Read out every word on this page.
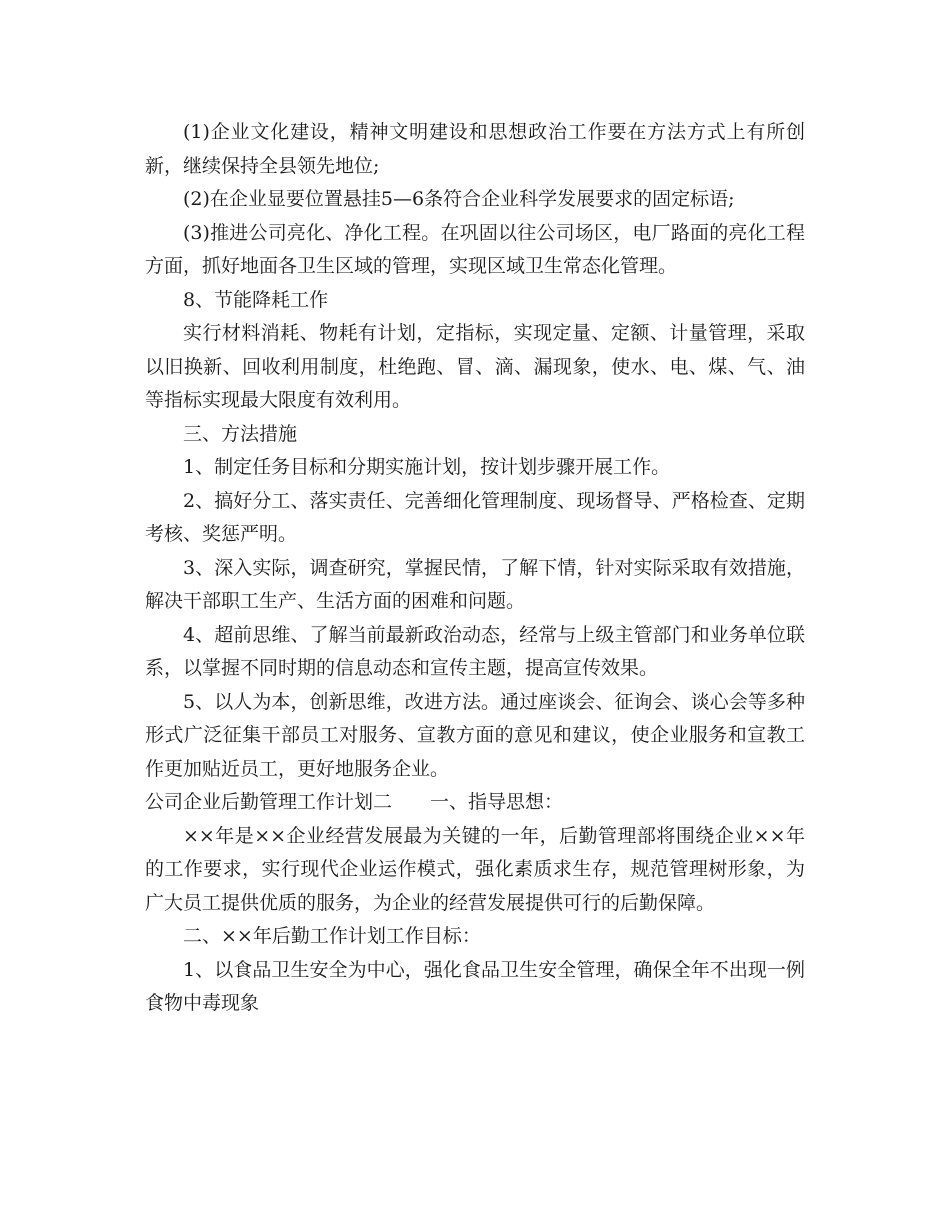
(1)企业文化建设，精神文明建设和思想政治工作要在方法方式上有所创新，继续保持全县领先地位;

(2)在企业显要位置悬挂5—6条符合企业科学发展要求的固定标语;

(3)推进公司亮化、净化工程。在巩固以往公司场区，电厂路面的亮化工程方面，抓好地面各卫生区域的管理，实现区域卫生常态化管理。

8、节能降耗工作

实行材料消耗、物耗有计划，定指标，实现定量、定额、计量管理，采取以旧换新、回收利用制度，杜绝跑、冒、滴、漏现象，使水、电、煤、气、油等指标实现最大限度有效利用。

三、方法措施

1、制定任务目标和分期实施计划，按计划步骤开展工作。

2、搞好分工、落实责任、完善细化管理制度、现场督导、严格检查、定期考核、奖惩严明。

3、深入实际，调查研究，掌握民情，了解下情，针对实际采取有效措施，解决干部职工生产、生活方面的困难和问题。

4、超前思维、了解当前最新政治动态，经常与上级主管部门和业务单位联系，以掌握不同时期的信息动态和宣传主题，提高宣传效果。

5、以人为本，创新思维，改进方法。通过座谈会、征询会、谈心会等多种形式广泛征集干部员工对服务、宣教方面的意见和建议，使企业服务和宣教工作更加贴近员工，更好地服务企业。

公司企业后勤管理工作计划二　　一、指导思想：

××年是××企业经营发展最为关键的一年，后勤管理部将围绕企业××年的工作要求，实行现代企业运作模式，强化素质求生存，规范管理树形象，为广大员工提供优质的服务，为企业的经营发展提供可行的后勤保障。

二、××年后勤工作计划工作目标：

1、以食品卫生安全为中心，强化食品卫生安全管理，确保全年不出现一例食物中毒现象
